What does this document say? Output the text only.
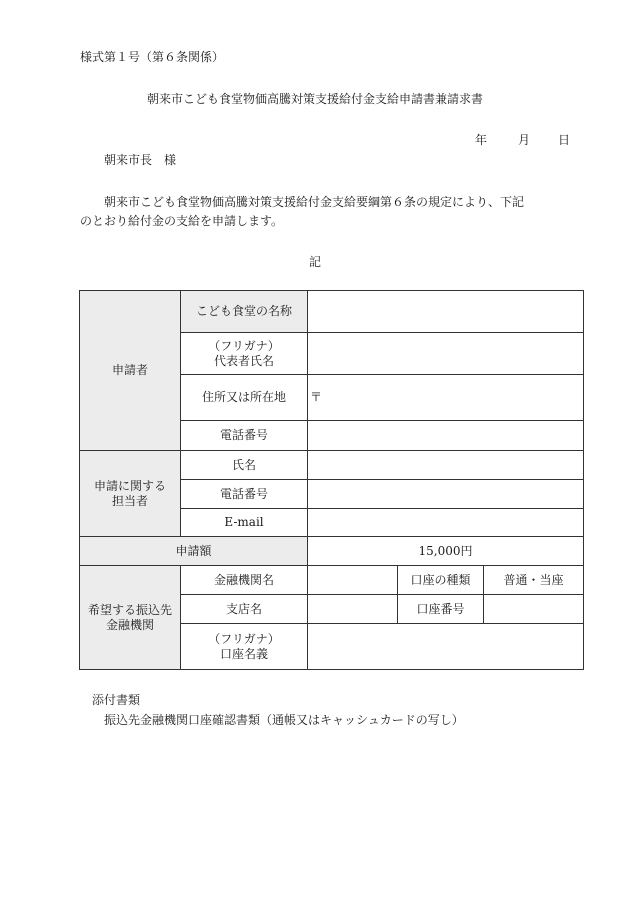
様式第１号（第６条関係）
朝来市こども食堂物価高騰対策支援給付金支給申請書兼請求書
年	月 日
朝来市長　様
朝来市こども食堂物価高騰対策支援給付金支給要綱第６条の規定により、下記
のとおり給付金の支給を申請します。
記
申請者	こども食堂の名称			

	（フリガナ）
代表者氏名			

	住所又は所在地	〒		
	電話番号			

申請に関する
担当者	氏名			
	電話番号			
	E-mail			
申請額		15,000円		

希望する振込先
金融機関	金融機関名		口座の種類	普通・当座
	支店名		口座番号	

	（フリガナ）
口座名義			

添付書類
振込先金融機関口座確認書類（通帳又はキャッシュカードの写し）
